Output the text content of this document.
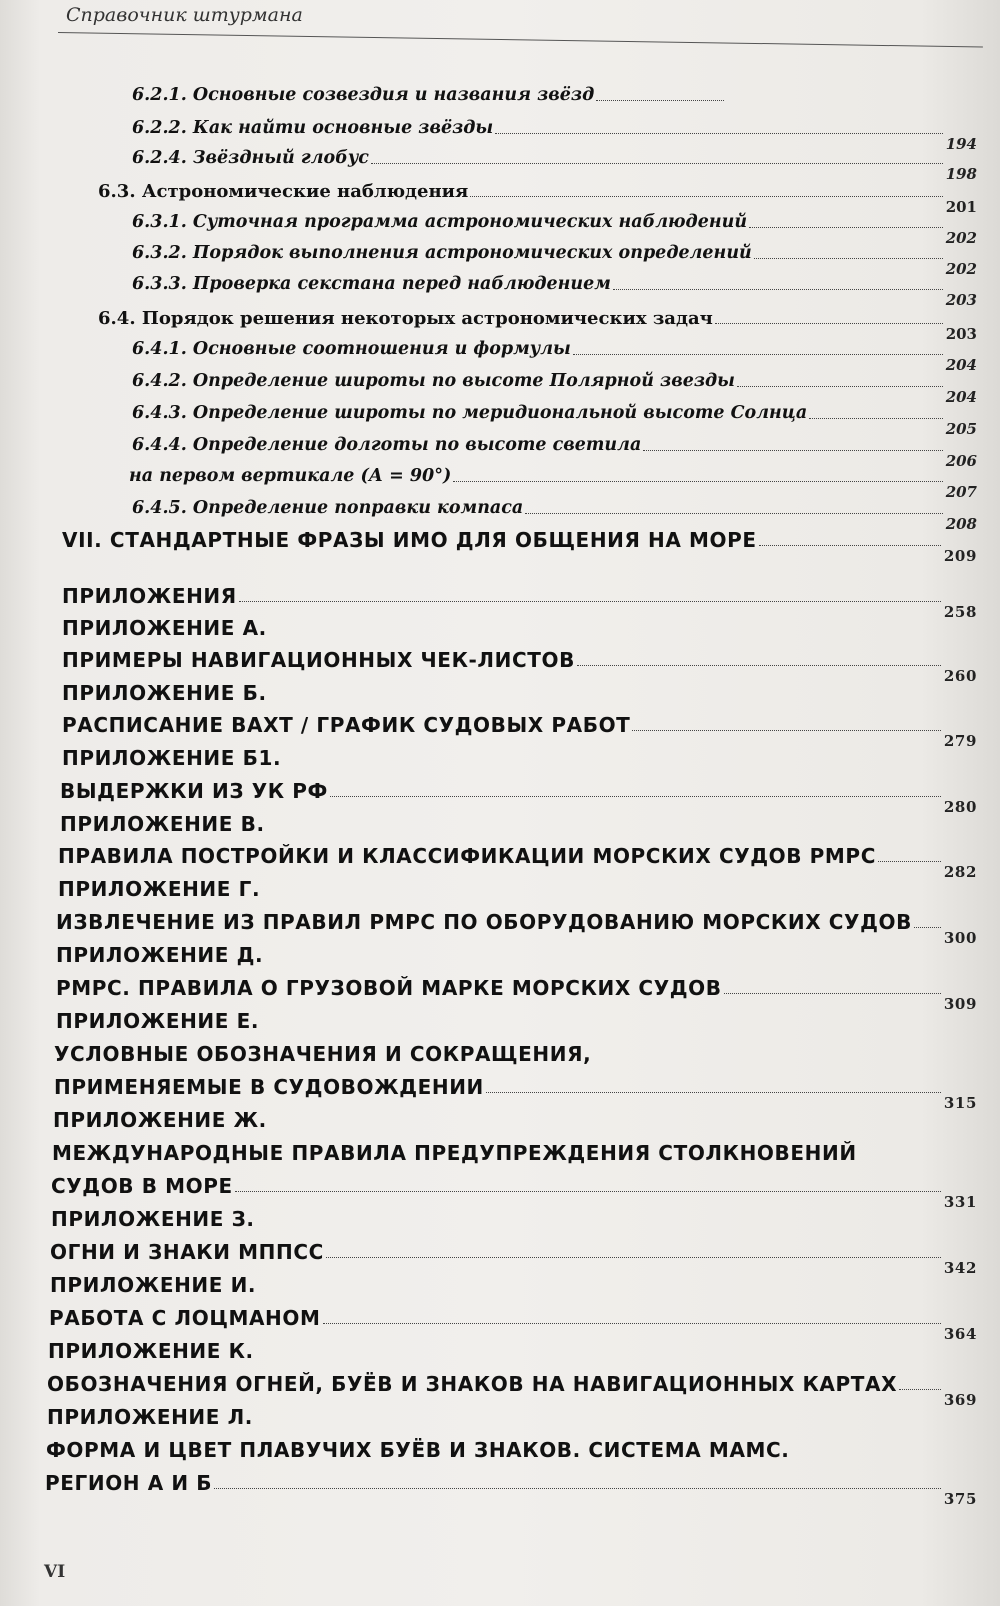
Справочник штурмана
6.2.1. Основные созвездия и названия звёзд
6.2.2. Как найти основные звёзды
194
6.2.4. Звёздный глобус
198
6.3. Астрономические наблюдения
201
6.3.1. Суточная программа астрономических наблюдений
202
6.3.2. Порядок выполнения астрономических определений
202
6.3.3. Проверка секстана перед наблюдением
203
6.4. Порядок решения некоторых астрономических задач
203
6.4.1. Основные соотношения и формулы
204
6.4.2. Определение широты по высоте Полярной звезды
204
6.4.3. Определение широты по меридиональной высоте Солнца
205
6.4.4. Определение долготы по высоте светила
206
на первом вертикале (А = 90°)
207
6.4.5. Определение поправки компаса
208
VII. СТАНДАРТНЫЕ ФРАЗЫ ИМО ДЛЯ ОБЩЕНИЯ НА МОРЕ
209
ПРИЛОЖЕНИЯ
258
ПРИЛОЖЕНИЕ А.
ПРИМЕРЫ НАВИГАЦИОННЫХ ЧЕК-ЛИСТОВ
260
ПРИЛОЖЕНИЕ Б.
РАСПИСАНИЕ ВАХТ / ГРАФИК СУДОВЫХ РАБОТ
279
ПРИЛОЖЕНИЕ Б1.
ВЫДЕРЖКИ ИЗ УК РФ
280
ПРИЛОЖЕНИЕ В.
ПРАВИЛА ПОСТРОЙКИ И КЛАССИФИКАЦИИ МОРСКИХ СУДОВ РМРС
282
ПРИЛОЖЕНИЕ Г.
ИЗВЛЕЧЕНИЕ ИЗ ПРАВИЛ РМРС ПО ОБОРУДОВАНИЮ МОРСКИХ СУДОВ
300
ПРИЛОЖЕНИЕ Д.
РМРС. ПРАВИЛА О ГРУЗОВОЙ МАРКЕ МОРСКИХ СУДОВ
309
ПРИЛОЖЕНИЕ Е.
УСЛОВНЫЕ ОБОЗНАЧЕНИЯ И СОКРАЩЕНИЯ,
ПРИМЕНЯЕМЫЕ В СУДОВОЖДЕНИИ
315
ПРИЛОЖЕНИЕ Ж.
МЕЖДУНАРОДНЫЕ ПРАВИЛА ПРЕДУПРЕЖДЕНИЯ СТОЛКНОВЕНИЙ
СУДОВ В МОРЕ
331
ПРИЛОЖЕНИЕ З.
ОГНИ И ЗНАКИ МППСС
342
ПРИЛОЖЕНИЕ И.
РАБОТА С ЛОЦМАНОМ
364
ПРИЛОЖЕНИЕ К.
ОБОЗНАЧЕНИЯ ОГНЕЙ, БУЁВ И ЗНАКОВ НА НАВИГАЦИОННЫХ КАРТАХ
369
ПРИЛОЖЕНИЕ Л.
ФОРМА И ЦВЕТ ПЛАВУЧИХ БУЁВ И ЗНАКОВ. СИСТЕМА МАМС.
РЕГИОН А И Б
375
VI
